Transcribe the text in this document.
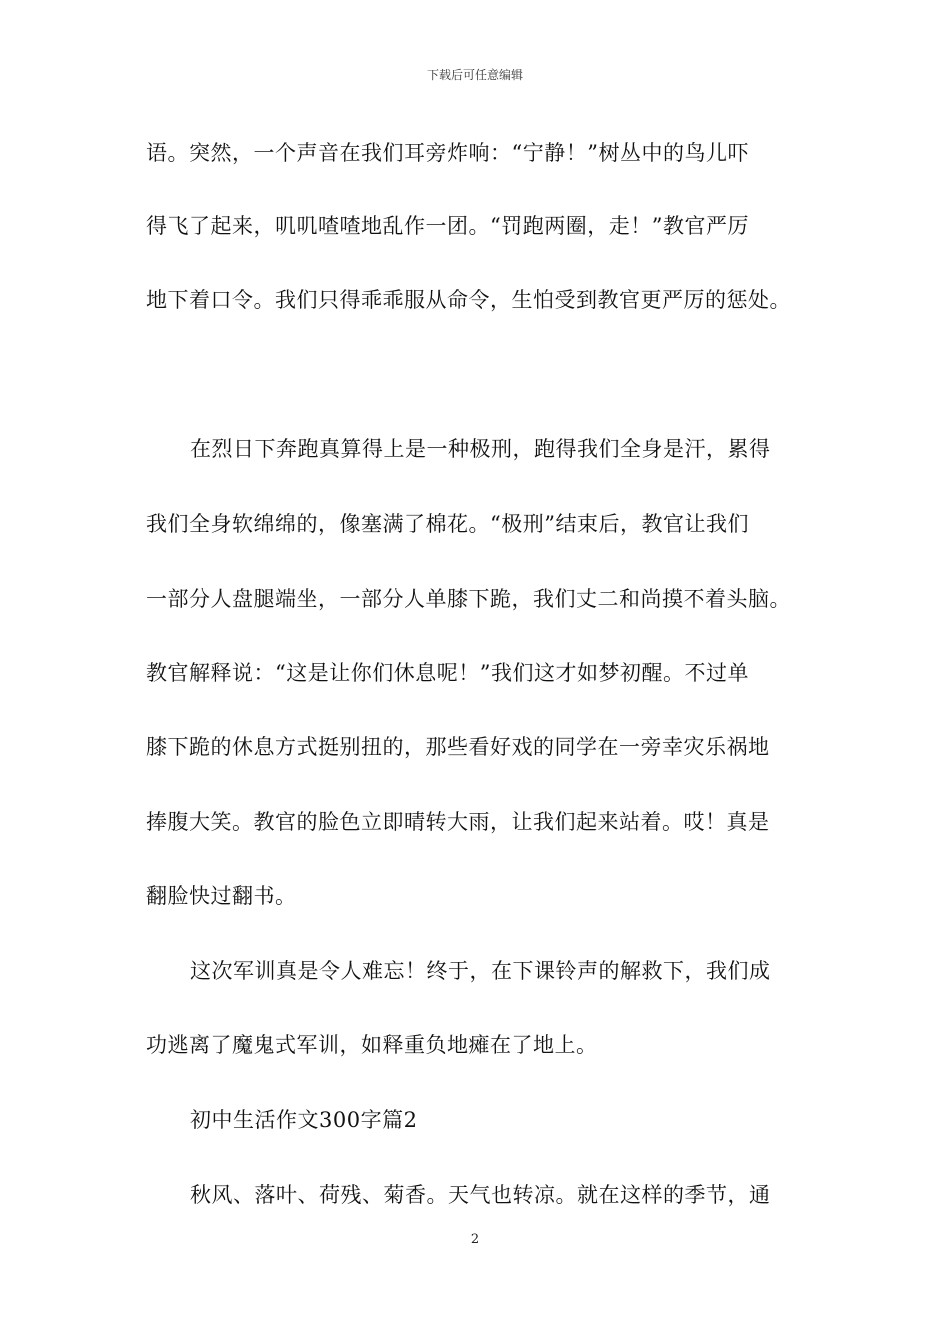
下载后可任意编辑
语。突然，一个声音在我们耳旁炸响：“宁静！”树丛中的鸟儿吓
得飞了起来，叽叽喳喳地乱作一团。“罚跑两圈，走！”教官严厉
地下着口令。我们只得乖乖服从命令，生怕受到教官更严厉的惩处。
在烈日下奔跑真算得上是一种极刑，跑得我们全身是汗，累得
我们全身软绵绵的，像塞满了棉花。“极刑”结束后，教官让我们
一部分人盘腿端坐，一部分人单膝下跪，我们丈二和尚摸不着头脑。
教官解释说：“这是让你们休息呢！”我们这才如梦初醒。不过单
膝下跪的休息方式挺别扭的，那些看好戏的同学在一旁幸灾乐祸地
捧腹大笑。教官的脸色立即晴转大雨，让我们起来站着。哎！真是
翻脸快过翻书。
这次军训真是令人难忘！终于，在下课铃声的解救下，我们成
功逃离了魔鬼式军训，如释重负地瘫在了地上。
初中生活作文300字篇2
秋风、落叶、荷残、菊香。天气也转凉。就在这样的季节，通
2
